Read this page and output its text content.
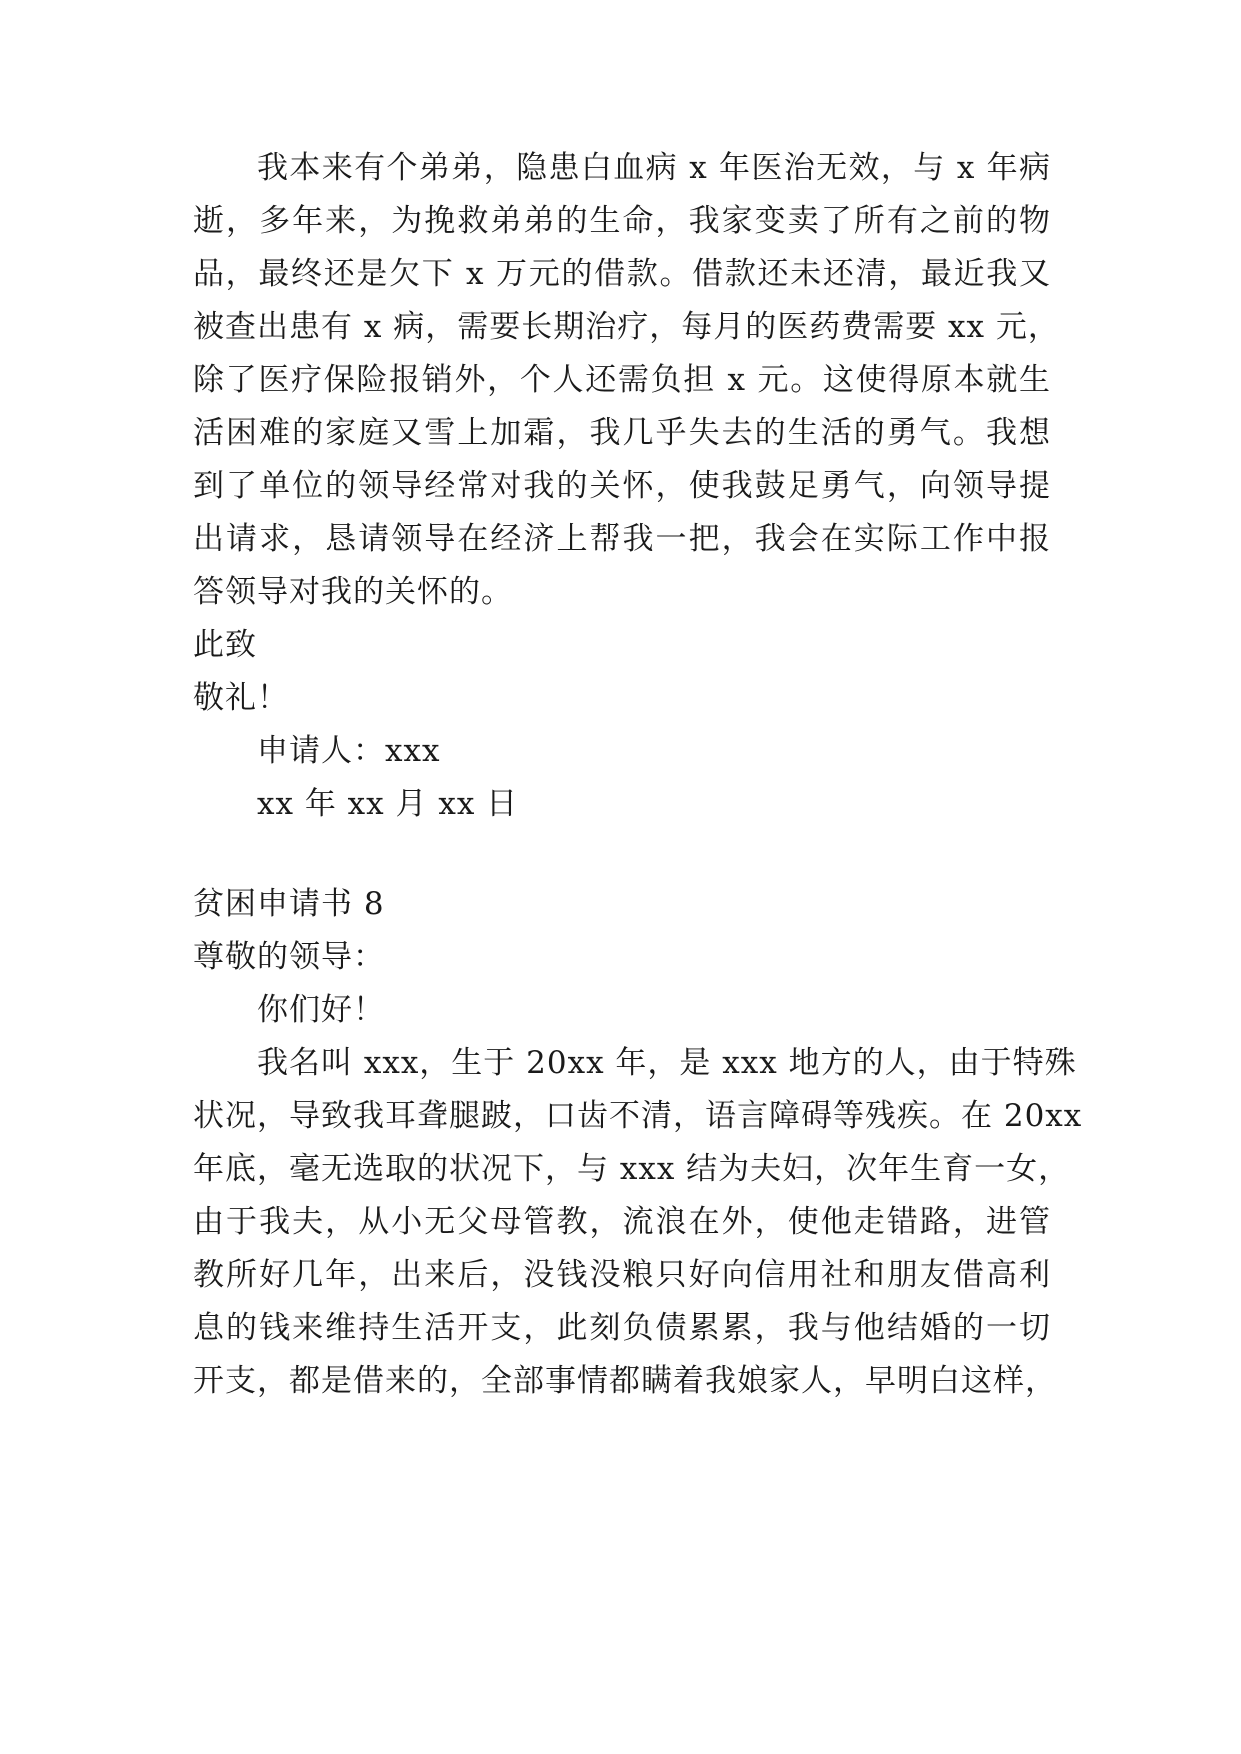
我本来有个弟弟，隐患白血病 x 年医治无效，与 x 年病
逝，多年来，为挽救弟弟的生命，我家变卖了所有之前的物
品，最终还是欠下 x 万元的借款。借款还未还清，最近我又
被查出患有 x 病，需要长期治疗，每月的医药费需要 xx 元，
除了医疗保险报销外，个人还需负担 x 元。这使得原本就生
活困难的家庭又雪上加霜，我几乎失去的生活的勇气。我想
到了单位的领导经常对我的关怀，使我鼓足勇气，向领导提
出请求，恳请领导在经济上帮我一把，我会在实际工作中报
答领导对我的关怀的。
此致
敬礼！
申请人：xxx
xx 年 xx 月 xx 日
贫困申请书 8
尊敬的领导：
你们好！
我名叫 xxx，生于 20xx 年，是 xxx 地方的人，由于特殊
状况，导致我耳聋腿跛，口齿不清，语言障碍等残疾。在 20xx
年底，毫无选取的状况下，与 xxx 结为夫妇，次年生育一女，
由于我夫，从小无父母管教，流浪在外，使他走错路，进管
教所好几年，出来后，没钱没粮只好向信用社和朋友借高利
息的钱来维持生活开支，此刻负债累累，我与他结婚的一切
开支，都是借来的，全部事情都瞒着我娘家人，早明白这样，
